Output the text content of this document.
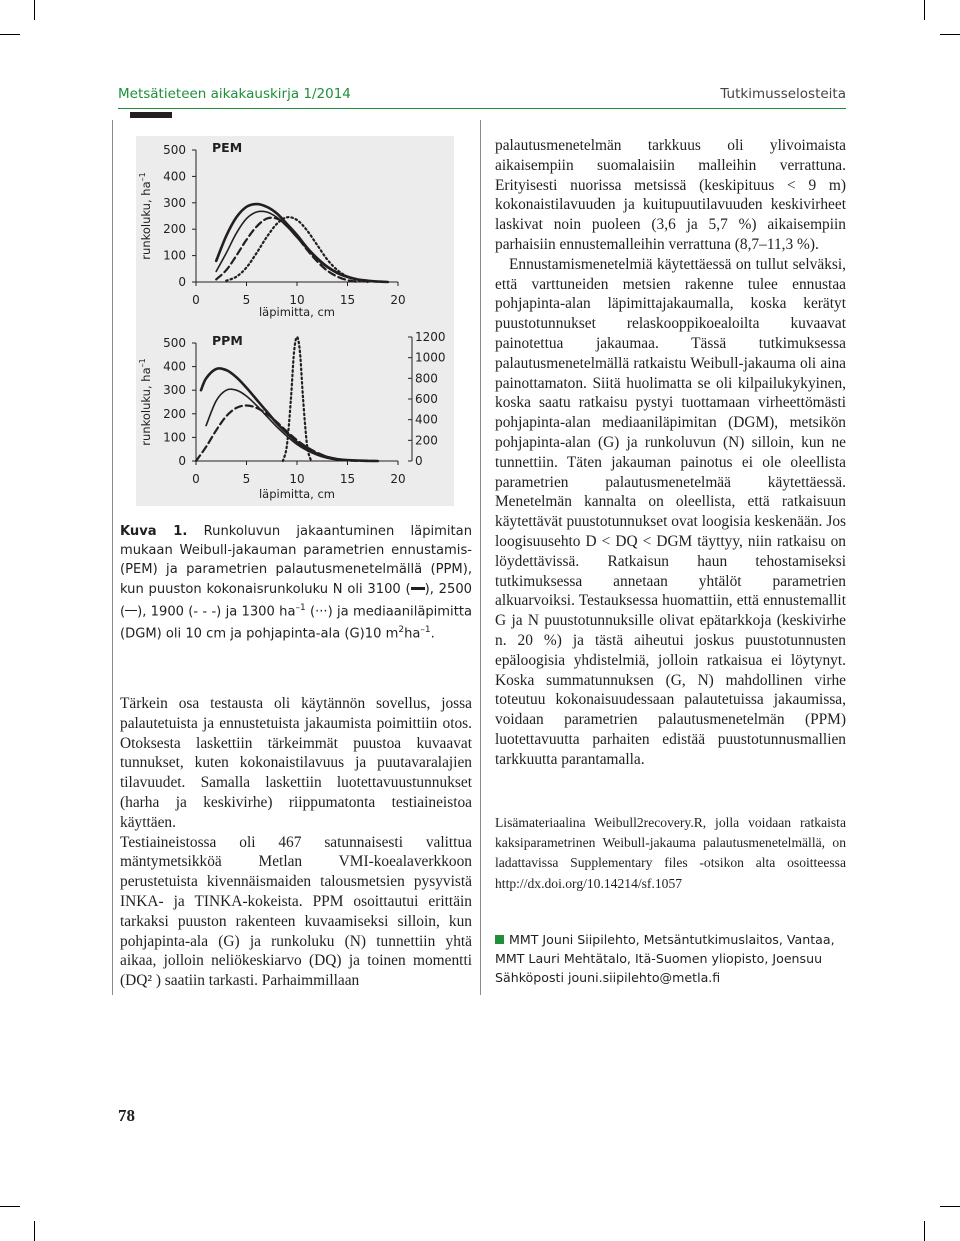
Metsätieteen aikakauskirja 1/2014	Tutkimusselosteita
PEM
0
100
200
300
400
500
0	5	10	15	20
läpimitta, cm
runkoluku, $ha^{-1}$
PPM
0
100
200
300
400
500
0	5	10	15	20
0
200
400
600
800
1000
1200
läpimitta, cm
runkoluku, $ha^{-1}$
Kuva 1. Runkoluvun jakaantuminen läpimitan mukaan Weibull-jakauman parametrien ennustamis- (PEM) ja parametrien palautusmenetelmällä (PPM), kun puuston kokonaisrunkoluku N oli 3100 ( ), 2500 ( ), 1900 (- - -) ja 1300 $ha^{-1}$ (···) ja mediaaniläpimitta (DGM) oli 10 cm ja pohjapinta-ala (G)10 $m^2ha^{-1}$.

Tärkein osa testausta oli käytännön sovellus, jossa palautetuista ja ennustetuista jakaumista poimittiin otos. Otoksesta laskettiin tärkeimmät puustoa kuvaavat tunnukset, kuten kokonaistilavuus ja puutavaralajien tilavuudet. Samalla laskettiin luotettavuustunnukset (harha ja keskivirhe) riippumatonta testiaineistoa käyttäen.

Testiaineistossa oli 467 satunnaisesti valittua mäntymetsikköä Metlan VMI-koealaverkkoon perustetuista kivennäismaiden talousmetsien pysyvistä INKA- ja TINKA-kokeista. PPM osoittautui erittäin tarkaksi puuston rakenteen kuvaamiseksi silloin, kun pohjapinta-ala (G) ja runkoluku (N) tunnettiin yhtä aikaa, jolloin neliökeskiarvo (DQ) ja toinen momentti (DQ² ) saatiin tarkasti. Parhaimmillaan

palautusmenetelmän tarkkuus oli ylivoimaista aikaisempiin suomalaisiin malleihin verrattuna. Erityisesti nuorissa metsissä (keskipituus < 9 m) kokonaistilavuuden ja kuitupuutilavuuden keskivirheet laskivat noin puoleen (3,6 ja 5,7 %) aikaisempiin parhaisiin ennustemalleihin verrattuna (8,7–11,3 %).

Ennustamismenetelmiä käytettäessä on tullut selväksi, että varttuneiden metsien rakenne tulee ennustaa pohjapinta-alan läpimittajakaumalla, koska kerätyt puustotunnukset relaskooppikoealoilta kuvaavat painotettua jakaumaa. Tässä tutkimuksessa palautusmenetelmällä ratkaistu Weibull-jakauma oli aina painottamaton. Siitä huolimatta se oli kilpailukykyinen, koska saatu ratkaisu pystyi tuottamaan virheettömästi pohjapinta-alan mediaaniläpimitan (DGM), metsikön pohjapinta-alan (G) ja runkoluvun (N) silloin, kun ne tunnettiin. Täten jakauman painotus ei ole oleellista parametrien palautusmenetelmää käytettäessä. Menetelmän kannalta on oleellista, että ratkaisuun käytettävät puustotunnukset ovat loogisia keskenään. Jos loogisuusehto D < DQ < DGM täyttyy, niin ratkaisu on löydettävissä. Ratkaisun haun tehostamiseksi tutkimuksessa annetaan yhtälöt parametrien alkuarvoiksi. Testauksessa huomattiin, että ennustemallit G ja N puustotunnuksille olivat epätarkkoja (keskivirhe n. 20 %) ja tästä aiheutui joskus puustotunnusten epäloogisia yhdistelmiä, jolloin ratkaisua ei löytynyt. Koska summatunnuksen (G, N) mahdollinen virhe toteutuu kokonaisuudessaan palautetuissa jakaumissa, voidaan parametrien palautusmenetelmän (PPM) luotettavuutta parhaiten edistää puustotunnusmallien tarkkuutta parantamalla.

Lisämateriaalina Weibull2recovery.R, jolla voidaan ratkaista kaksiparametrinen Weibull-jakauma palautusmenetelmällä, on ladattavissa Supplementary files -otsikon alta osoitteessa http://dx.doi.org/10.14214/sf.1057
MMT Jouni Siipilehto, Metsäntutkimuslaitos, Vantaa,
MMT Lauri Mehtätalo, Itä-Suomen yliopisto, Joensuu
Sähköposti jouni.siipilehto@metla.fi
78
